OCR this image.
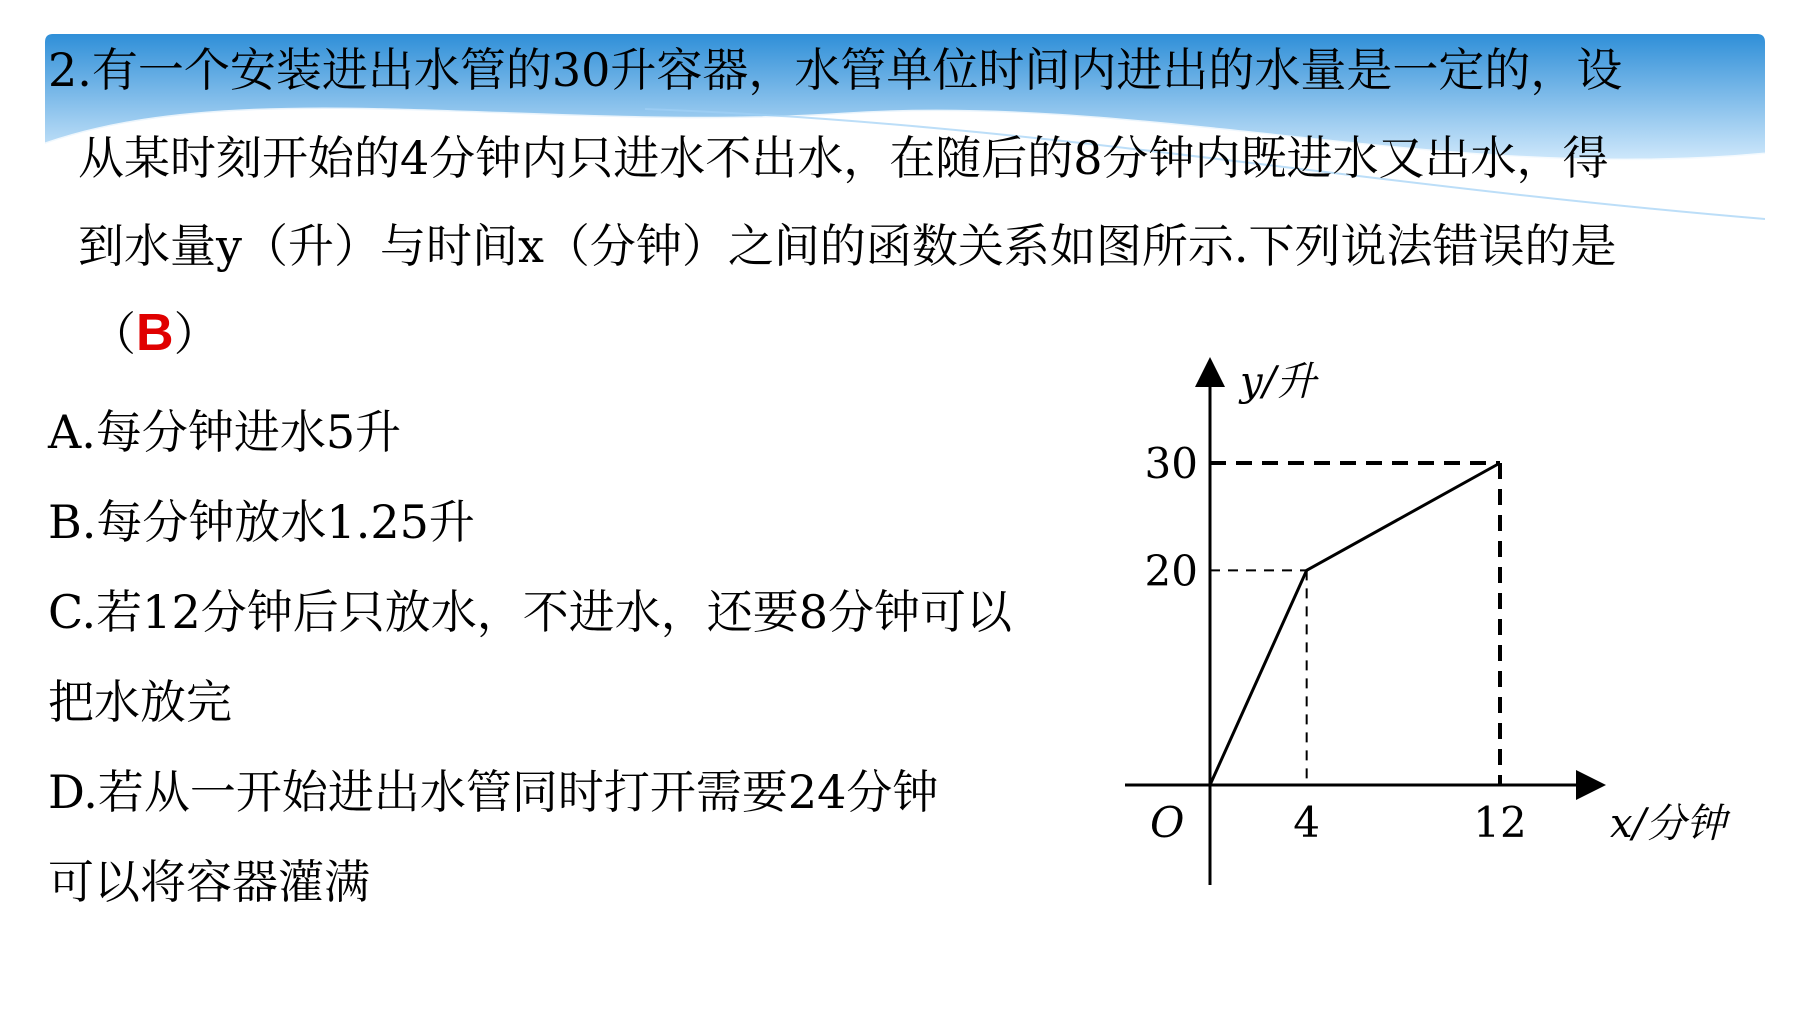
2.有一个安装进出水管的30升容器，水管单位时间内进出的水量是一定的，设
从某时刻开始的4分钟内只进水不出水，在随后的8分钟内既进水又出水，得
到水量y（升）与时间x（分钟）之间的函数关系如图所示.下列说法错误的是
（B）
A.每分钟进水5升
B.每分钟放水1.25升
C.若12分钟后只放水，不进水，还要8分钟可以
把水放完
D.若从一开始进出水管同时打开需要24分钟
可以将容器灌满
y/升
x/分钟
O	4	12
20
30
